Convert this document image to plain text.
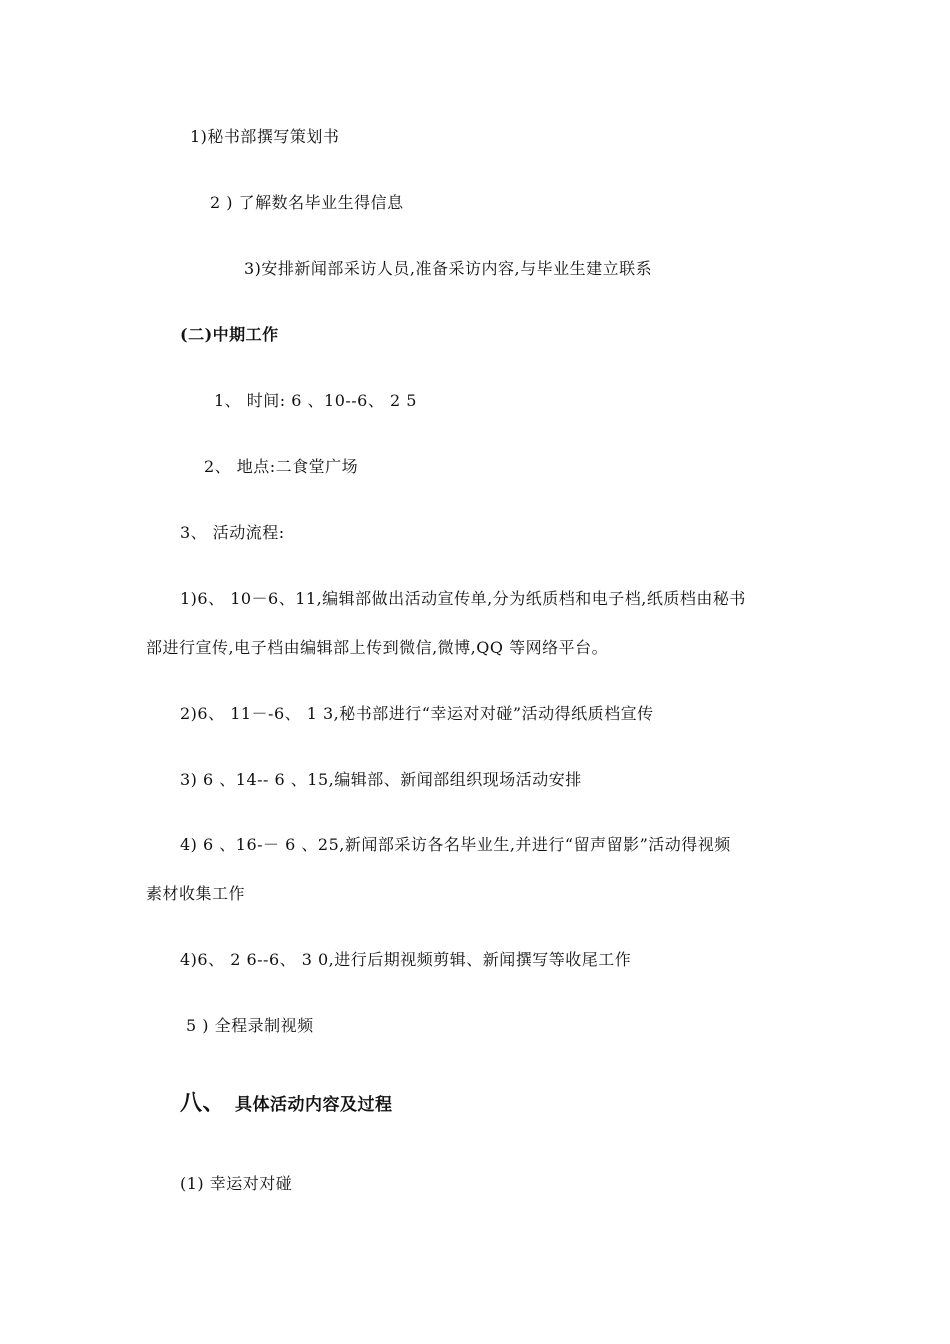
1)秘书部撰写策划书
2 ) 了解数名毕业生得信息
3)安排新闻部采访人员,准备采访内容,与毕业生建立联系
(二)中期工作
1、 时间: 6 、10--6、 2 5
2、 地点:二食堂广场
3、 活动流程:
1)6、 10－6、11,编辑部做出活动宣传单,分为纸质档和电子档,纸质档由秘书
部进行宣传,电子档由编辑部上传到微信,微博,QQ 等网络平台。
2)6、 11－-6、 1 3,秘书部进行“幸运对对碰”活动得纸质档宣传
3) 6 、14-- 6 、15,编辑部、新闻部组织现场活动安排
4) 6 、16-－ 6 、25,新闻部采访各名毕业生,并进行“留声留影”活动得视频
素材收集工作
4)6、 2 6--6、 3 0,进行后期视频剪辑、新闻撰写等收尾工作
5 ) 全程录制视频
八、 具体活动内容及过程
(1) 幸运对对碰
